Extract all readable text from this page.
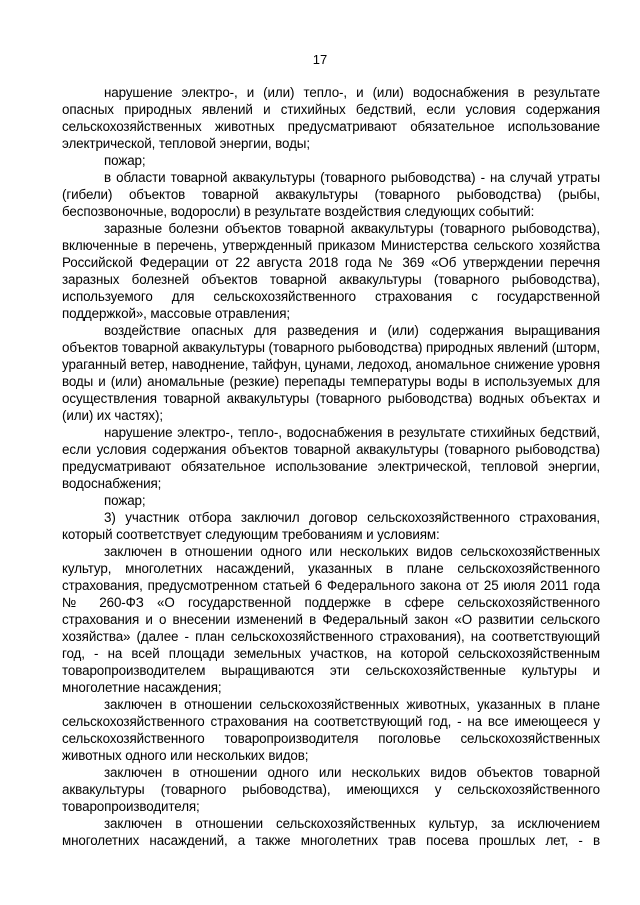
17

нарушение электро-, и (или) тепло-, и (или) водоснабжения в результате опасных природных явлений и стихийных бедствий, если условия содержания сельскохозяйственных животных предусматривают обязательное использование электрической, тепловой энергии, воды;

пожар;

в области товарной аквакультуры (товарного рыбоводства) - на случай утраты (гибели) объектов товарной аквакультуры (товарного рыбоводства) (рыбы, беспозвоночные, водоросли) в результате воздействия следующих событий:

заразные болезни объектов товарной аквакультуры (товарного рыбоводства), включенные в перечень, утвержденный приказом Министерства сельского хозяйства Российской Федерации от 22 августа 2018 года № 369 «Об утверждении перечня заразных болезней объектов товарной аквакультуры (товарного рыбоводства), используемого для сельскохозяйственного страхования с государственной поддержкой», массовые отравления;

воздействие опасных для разведения и (или) содержания выращивания объектов товарной аквакультуры (товарного рыбоводства) природных явлений (шторм, ураганный ветер, наводнение, тайфун, цунами, ледоход, аномальное снижение уровня воды и (или) аномальные (резкие) перепады температуры воды в используемых для осуществления товарной аквакультуры (товарного рыбоводства) водных объектах и (или) их частях);

нарушение электро-, тепло-, водоснабжения в результате стихийных бедствий, если условия содержания объектов товарной аквакультуры (товарного рыбоводства) предусматривают обязательное использование электрической, тепловой энергии, водоснабжения;

пожар;

3) участник отбора заключил договор сельскохозяйственного страхования, который соответствует следующим требованиям и условиям:

заключен в отношении одного или нескольких видов сельскохозяйственных культур, многолетних насаждений, указанных в плане сельскохозяйственного страхования, предусмотренном статьей 6 Федерального закона от 25 июля 2011 года № 260-ФЗ «О государственной поддержке в сфере сельскохозяйственного страхования и о внесении изменений в Федеральный закон «О развитии сельского хозяйства» (далее - план сельскохозяйственного страхования), на соответствующий год, - на всей площади земельных участков, на которой сельскохозяйственным товаропроизводителем выращиваются эти сельскохозяйственные культуры и многолетние насаждения;

заключен в отношении сельскохозяйственных животных, указанных в плане сельскохозяйственного страхования на соответствующий год, - на все имеющееся у сельскохозяйственного товаропроизводителя поголовье сельскохозяйственных животных одного или нескольких видов;

заключен в отношении одного или нескольких видов объектов товарной аквакультуры (товарного рыбоводства), имеющихся у сельскохозяйственного товаропроизводителя;

заключен в отношении сельскохозяйственных культур, за исключением многолетних насаждений, а также многолетних трав посева прошлых лет, - в
